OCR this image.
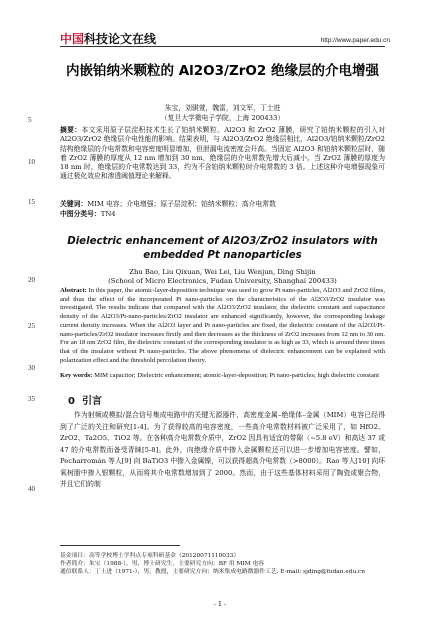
中国科技论文在线	http://www.paper.edu.cn
内嵌铂纳米颗粒的 Al2O3/ZrO2 绝缘层的介电增强
朱宝，刘骐萱，魏雷，刘文军，丁士进
（复旦大学微电子学院，上海 200433）
摘要：本文采用原子层淀积技术生长了铂纳米颗粒、Al2O3 和 ZrO2 薄膜，研究了铂纳米颗粒的引入对 Al2O3/ZrO2 绝缘层介电性能的影响。结果表明，与 Al2O3/ZrO2 绝缘层相比，Al2O3/铂纳米颗粒/ZrO2 结构绝缘层的介电常数和电容密度明显增加，但泄漏电流密度会升高。当固定 Al2O3 和铂纳米颗粒层时，随着 ZrO2 薄膜的厚度从 12 nm 增加到 30 nm，绝缘层的介电常数先增大后减小。当 ZrO2 薄膜的厚度为 18 nm 时，绝缘层的介电常数达到 33，约为不含铂纳米颗粒时介电常数的 3 倍。上述这种介电增强现象可通过极化效应和渗透阈值理论来解释。
关键词：MIM 电容；介电增强；原子层淀积；铂纳米颗粒；高介电常数
中图分类号：TN4
Dielectric enhancement of Al2O3/ZrO2 insulators with embedded Pt nanoparticles
Zhu Bao, Liu Qixuan, Wei Lei, Liu Wenjun, Ding Shijin
(School of Micro Electronics, Fudan University, Shanghai 200433)
Abstract: In this paper, the atomic-layer-deposition technique was used to grow Pt nano-particles, Al2O3 and ZrO2 films, and thus the effect of the incorporated Pt nano-particles on the characteristics of the Al2O3/ZrO2 insulator was investigated. The results indicate that compared with the Al2O3/ZrO2 insulator, the dielectric constant and capacitance density of the Al2O3/Pt-nano-particles/ZrO2 insulator are enhanced significantly, however, the corresponding leakage current density increases. When the Al2O3 layer and Pt nano-particles are fixed, the dielectric constant of the Al2O3/Pt-nano-particles/ZrO2 insulator increases firstly and then decreases as the thickness of ZrO2 increases from 12 nm to 30 nm. For an 18 nm ZrO2 film, the dielectric constant of the corresponding insulator is as high as 33, which is around three times that of the insulator without Pt nano-particles. The above phenomena of dielectric enhancement can be explained with polarization effect and the threshold percolation theory.
Key words: MIM capacitor; Dielectric enhancement; atomic-layer-deposition; Pt nano-particles; high dielectric constant
0 引言
作为射频或模拟/混合信号集成电路中的关键无源器件，高密度金属–绝缘体–金属（MIM）电容已经得到了广泛的关注和研究[1-4]。为了获得较高的电容密度，一些高介电常数材料被广泛采用了，如 HfO2、ZrO2、Ta2O5、TiO2 等。在各种高介电常数介质中，ZrO2 因具有适宜的带隙（~5.8 eV）和高达 37 或 47 的介电常数而备受青睐[5-8]。此外，向绝缘介质中掺入金属颗粒还可以进一步增加电容密度。譬如，Pecharromán 等人[9] 向 BaTiO3 中掺入金属镍，可以获得超高介电常数（>8000）。Rao 等人[10] 向环氧树脂中掺入银颗粒，从而将其介电常数增加到了 2000。然而，由于这些基体材料采用了陶瓷或聚合物，并且它们的制
5
10
15
20
25
30
35
40
基金项目：高等学校博士学科点专项科研基金（20120071110033）
作者简介：朱宝（1988-），男，博士研究生，主要研究方向：BF 用 MIM 电容
通信联系人：丁士进（1971-），男，教授，主要研究方向：纳米集成电路微器件工艺. E-mail: sjding@fudan.edu.cn
- 1 -
